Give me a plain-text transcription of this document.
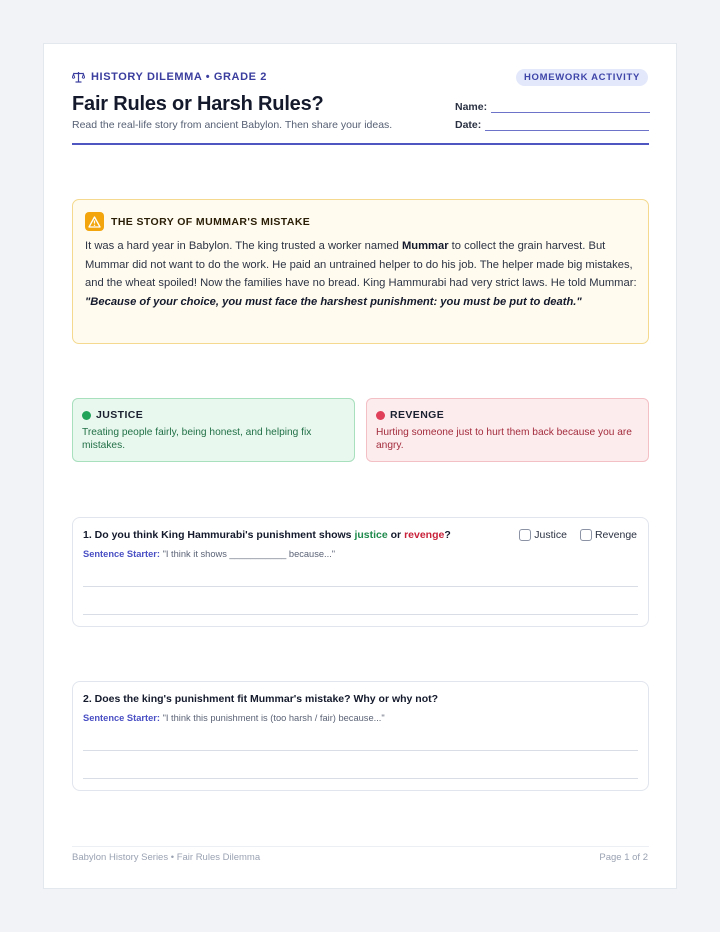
HISTORY DILEMMA • GRADE 2	HOMEWORK ACTIVITY
Fair Rules or Harsh Rules?
Read the real-life story from ancient Babylon. Then share your ideas.
Name:
Date:
THE STORY OF MUMMAR'S MISTAKE
It was a hard year in Babylon. The king trusted a worker named Mummar to collect the grain harvest. But Mummar did not want to do the work. He paid an untrained helper to do his job. The helper made big mistakes, and the wheat spoiled! Now the families have no bread. King Hammurabi had very strict laws. He told Mummar: "Because of your choice, you must face the harshest punishment: you must be put to death."
JUSTICE
Treating people fairly, being honest, and helping fix mistakes.
REVENGE
Hurting someone just to hurt them back because you are angry.
1. Do you think King Hammurabi's punishment shows justice or revenge?	Justice	Revenge
Sentence Starter: "I think it shows ___________ because..."
2. Does the king's punishment fit Mummar's mistake? Why or why not?
Sentence Starter: "I think this punishment is (too harsh / fair) because..."
Babylon History Series • Fair Rules Dilemma	Page 1 of 2
